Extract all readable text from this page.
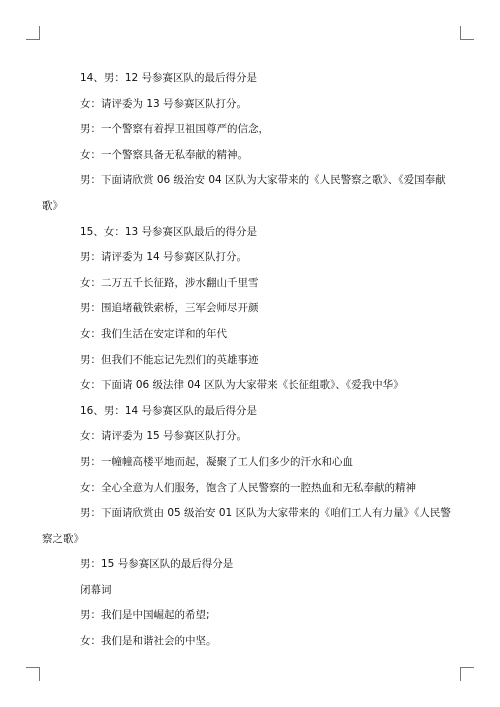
14、男：12 号参赛区队的最后得分是

女：请评委为 13 号参赛区队打分。

男：一个警察有着捍卫祖国尊严的信念，

女：一个警察具备无私奉献的精神。

男：下面请欣赏 06 级治安 04 区队为大家带来的《人民警察之歌》、《爱国奉献
歌》

15、女：13 号参赛区队最后的得分是

男：请评委为 14 号参赛区队打分。

女：二万五千长征路，涉水翻山千里雪

男：围追堵截铁索桥，三军会师尽开颜

女：我们生活在安定详和的年代

男：但我们不能忘记先烈们的英雄事迹

女：下面请 06 级法律 04 区队为大家带来《长征组歌》、《爱我中华》

16、男：14 号参赛区队的最后得分是

女：请评委为 15 号参赛区队打分。

男：一幢幢高楼平地而起，凝聚了工人们多少的汗水和心血

女：全心全意为人们服务，饱含了人民警察的一腔热血和无私奉献的精神

男：下面请欣赏由 05 级治安 01 区队为大家带来的《咱们工人有力量》《人民警
察之歌》

男：15 号参赛区队的最后得分是

闭幕词

男：我们是中国崛起的希望;

女：我们是和谐社会的中坚。
